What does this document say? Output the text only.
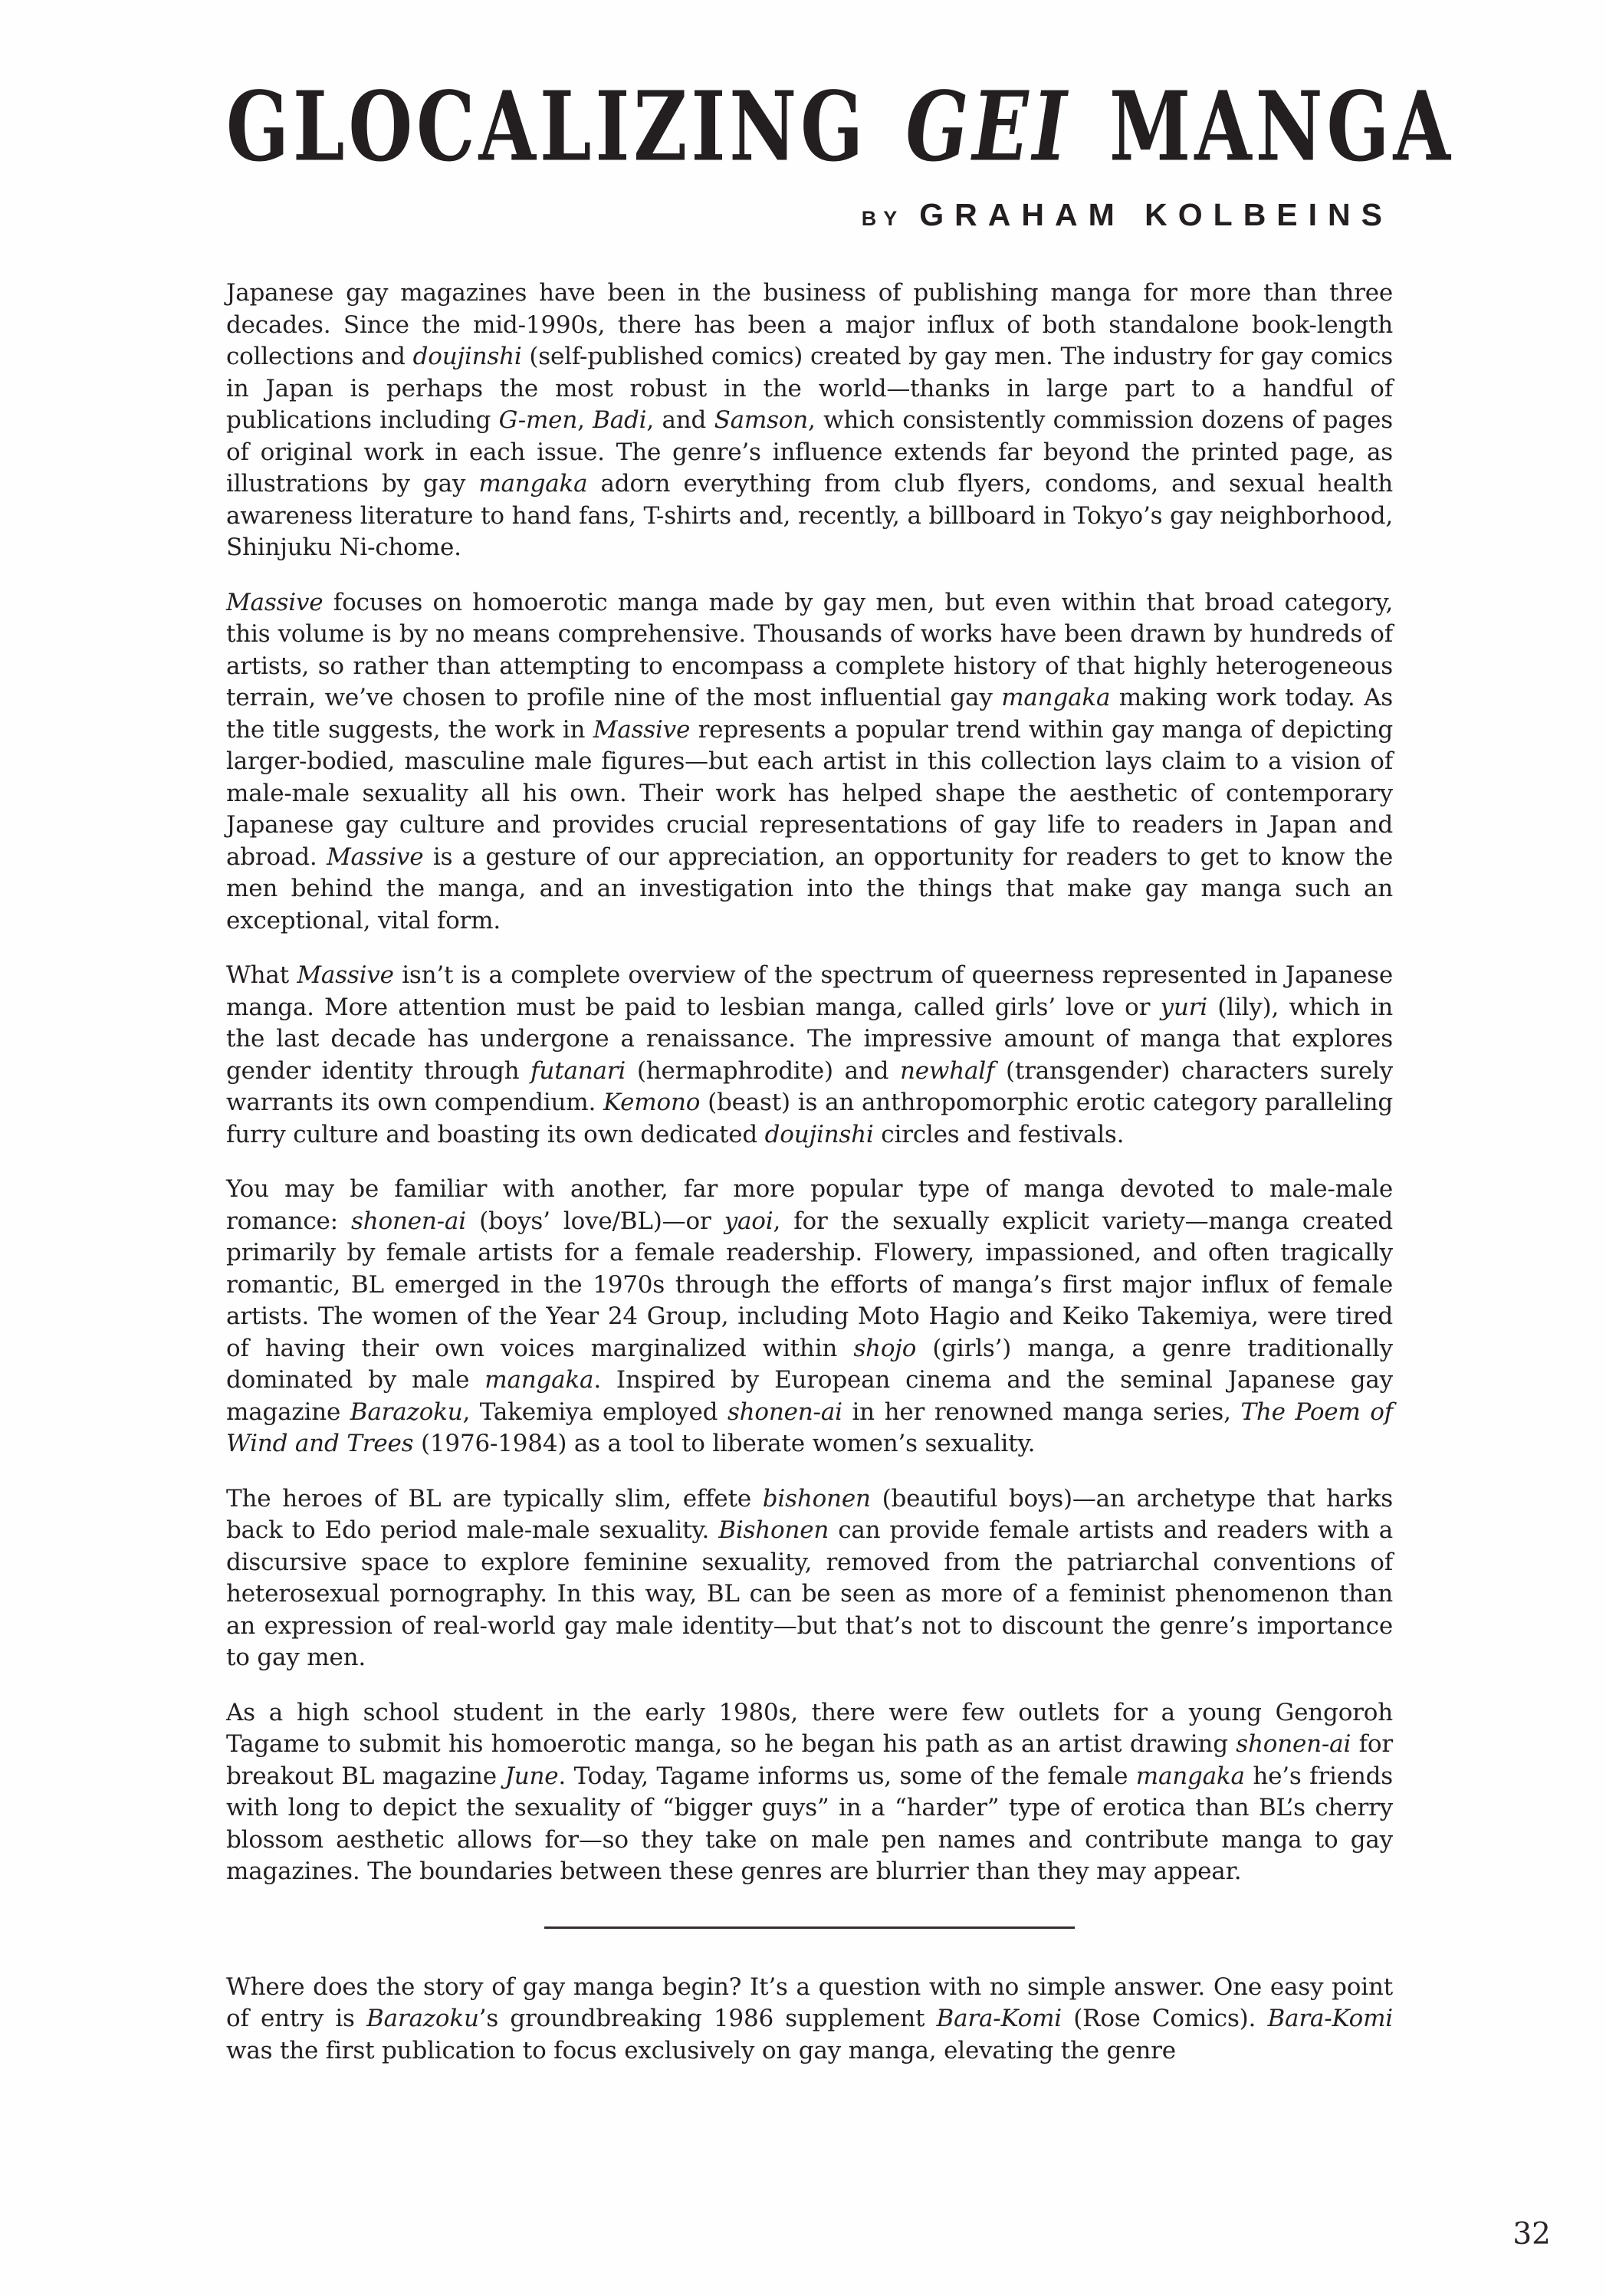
GLOCALIZING GEI MANGA
BY GRAHAM KOLBEINS

Japanese gay magazines have been in the business of publishing manga for more than three decades. Since the mid-1990s, there has been a major influx of both standalone book-length collections and doujinshi (self-published comics) created by gay men. The industry for gay comics in Japan is perhaps the most robust in the world—thanks in large part to a handful of publications including G-men, Badi, and Samson, which consistently commission dozens of pages of original work in each issue. The genre’s influence extends far beyond the printed page, as illustrations by gay mangaka adorn everything from club flyers, condoms, and sexual health awareness literature to hand fans, T-shirts and, recently, a billboard in Tokyo’s gay neighborhood, Shinjuku Ni-chome.

Massive focuses on homoerotic manga made by gay men, but even within that broad category, this volume is by no means comprehensive. Thousands of works have been drawn by hundreds of artists, so rather than attempting to encompass a complete history of that highly heterogeneous terrain, we’ve chosen to profile nine of the most influential gay mangaka making work today. As the title suggests, the work in Massive represents a popular trend within gay manga of depicting larger-bodied, masculine male figures—but each artist in this collection lays claim to a vision of male-male sexuality all his own. Their work has helped shape the aesthetic of contemporary Japanese gay culture and provides crucial representations of gay life to readers in Japan and abroad. Massive is a gesture of our appreciation, an opportunity for readers to get to know the men behind the manga, and an investigation into the things that make gay manga such an exceptional, vital form.

What Massive isn’t is a complete overview of the spectrum of queerness represented in Japanese manga. More attention must be paid to lesbian manga, called girls’ love or yuri (lily), which in the last decade has undergone a renaissance. The impressive amount of manga that explores gender identity through futanari (hermaphrodite) and newhalf (transgender) characters surely warrants its own compendium. Kemono (beast) is an anthropomorphic erotic category paralleling furry culture and boasting its own dedicated doujinshi circles and festivals.

You may be familiar with another, far more popular type of manga devoted to male-male romance: shonen-ai (boys’ love/BL)—or yaoi, for the sexually explicit variety—manga created primarily by female artists for a female readership. Flowery, impassioned, and often tragically romantic, BL emerged in the 1970s through the efforts of manga’s first major influx of female artists. The women of the Year 24 Group, including Moto Hagio and Keiko Takemiya, were tired of having their own voices marginalized within shojo (girls’) manga, a genre traditionally dominated by male mangaka. Inspired by European cinema and the seminal Japanese gay magazine Barazoku, Takemiya employed shonen-ai in her renowned manga series, The Poem of Wind and Trees (1976-1984) as a tool to liberate women’s sexuality.

The heroes of BL are typically slim, effete bishonen (beautiful boys)—an archetype that harks back to Edo period male-male sexuality. Bishonen can provide female artists and readers with a discursive space to explore feminine sexuality, removed from the patriarchal conventions of heterosexual pornography. In this way, BL can be seen as more of a feminist phenomenon than an expression of real-world gay male identity—but that’s not to discount the genre’s importance to gay men.

As a high school student in the early 1980s, there were few outlets for a young Gengoroh Tagame to submit his homoerotic manga, so he began his path as an artist drawing shonen-ai for breakout BL magazine June. Today, Tagame informs us, some of the female mangaka he’s friends with long to depict the sexuality of “bigger guys” in a “harder” type of erotica than BL’s cherry blossom aesthetic allows for—so they take on male pen names and contribute manga to gay magazines. The boundaries between these genres are blurrier than they may appear.

Where does the story of gay manga begin? It’s a question with no simple answer. One easy point of entry is Barazoku’s groundbreaking 1986 supplement Bara-Komi (Rose Comics). Bara-Komi was the first publication to focus exclusively on gay manga, elevating the genre

32
